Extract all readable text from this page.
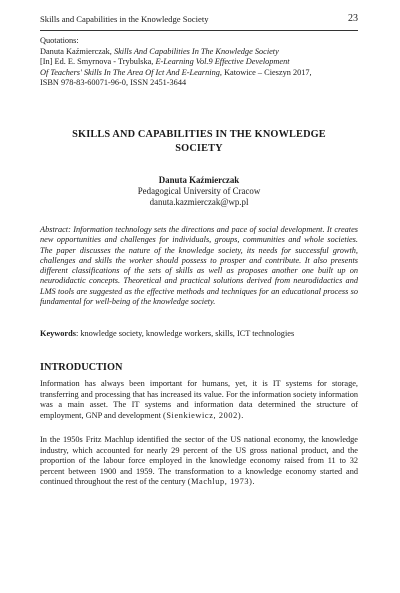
Skills and Capabilities in the Knowledge Society	23
Quotations:
Danuta Kaźmierczak, Skills And Capabilities In The Knowledge Society
[In] Ed. E. Smyrnova - Trybulska, E-Learning Vol.9 Effective Development
Of Teachers' Skills In The Area Of Ict And E-Learning, Katowice – Cieszyn 2017,
ISBN 978-83-60071-96-0, ISSN 2451-3644
SKILLS AND CAPABILITIES IN THE KNOWLEDGE
SOCIETY
Danuta Kaźmierczak
Pedagogical University of Cracow
danuta.kazmierczak@wp.pl
Abstract: Information technology sets the directions and pace of social development. It creates new opportunities and challenges for individuals, groups, communities and whole societies. The paper discusses the nature of the knowledge society, its needs for successful growth, challenges and skills the worker should possess to prosper and contribute. It also presents different classifications of the sets of skills as well as proposes another one built up on neurodidactic concepts. Theoretical and practical solutions derived from neurodidactics and LMS tools are suggested as the effective methods and techniques for an educational process so fundamental for well-being of the knowledge society.
Keywords: knowledge society, knowledge workers, skills, ICT technologies
INTRODUCTION
Information has always been important for humans, yet, it is IT systems for storage, transferring and processing that has increased its value. For the information society information was a main asset. The IT systems and information data determined the structure of employment, GNP and development (Sienkiewicz, 2002).
In the 1950s Fritz Machlup identified the sector of the US national economy, the knowledge industry, which accounted for nearly 29 percent of the US gross national product, and the proportion of the labour force employed in the knowledge economy raised from 11 to 32 percent between 1900 and 1959. The transformation to a knowledge economy started and continued throughout the rest of the century (Machlup, 1973).
